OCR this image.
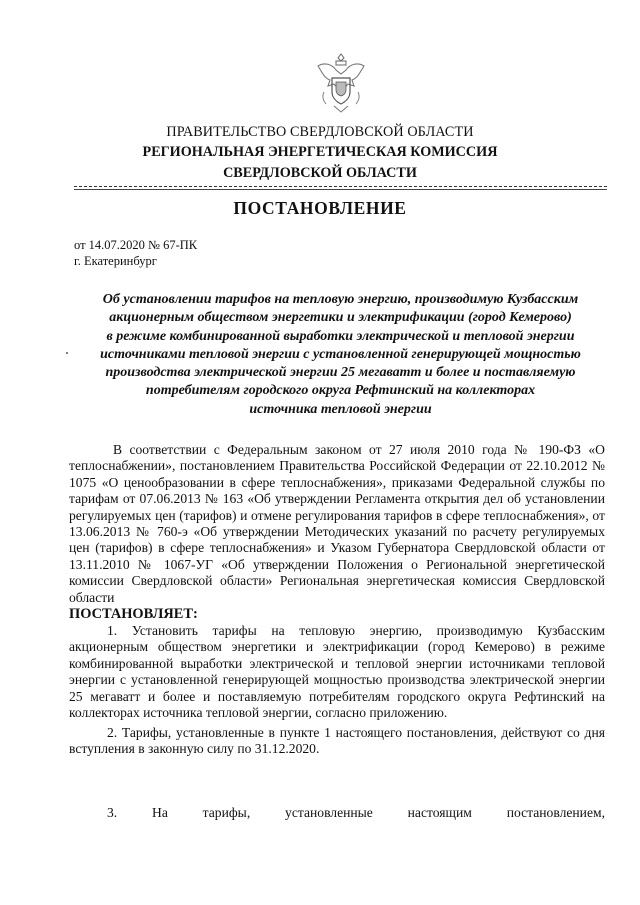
ПРАВИТЕЛЬСТВО СВЕРДЛОВСКОЙ ОБЛАСТИ
РЕГИОНАЛЬНАЯ ЭНЕРГЕТИЧЕСКАЯ КОМИССИЯ
СВЕРДЛОВСКОЙ ОБЛАСТИ
ПОСТАНОВЛЕНИЕ
от 14.07.2020 № 67-ПК
г. Екатеринбург
Об установлении тарифов на тепловую энергию, производимую Кузбасским
акционерным обществом энергетики и электрификации (город Кемерово)
в режиме комбинированной выработки электрической и тепловой энергии
источниками тепловой энергии с установленной генерирующей мощностью
производства электрической энергии 25 мегаватт и более и поставляемую
потребителям городского округа Рефтинский на коллекторах
источника тепловой энергии

В соответствии с Федеральным законом от 27 июля 2010 года № 190-ФЗ «О теплоснабжении», постановлением Правительства Российской Федерации от 22.10.2012 № 1075 «О ценообразовании в сфере теплоснабжения», приказами Федеральной службы по тарифам от 07.06.2013 № 163 «Об утверждении Регламента открытия дел об установлении регулируемых цен (тарифов) и отмене регулирования тарифов в сфере теплоснабжения», от 13.06.2013 № 760-э «Об утверждении Методических указаний по расчету регулируемых цен (тарифов) в сфере теплоснабжения» и Указом Губернатора Свердловской области от 13.11.2010 № 1067-УГ «Об утверждении Положения о Региональной энергетической комиссии Свердловской области» Региональная энергетическая комиссия Свердловской области

ПОСТАНОВЛЯЕТ:

1. Установить тарифы на тепловую энергию, производимую Кузбасским акционерным обществом энергетики и электрификации (город Кемерово) в режиме комбинированной выработки электрической и тепловой энергии источниками тепловой энергии с установленной генерирующей мощностью производства электрической энергии 25 мегаватт и более и поставляемую потребителям городского округа Рефтинский на коллекторах источника тепловой энергии, согласно приложению.

2. Тарифы, установленные в пункте 1 настоящего постановления, действуют со дня вступления в законную силу по 31.12.2020.

3. На тарифы, установленные настоящим постановлением,
